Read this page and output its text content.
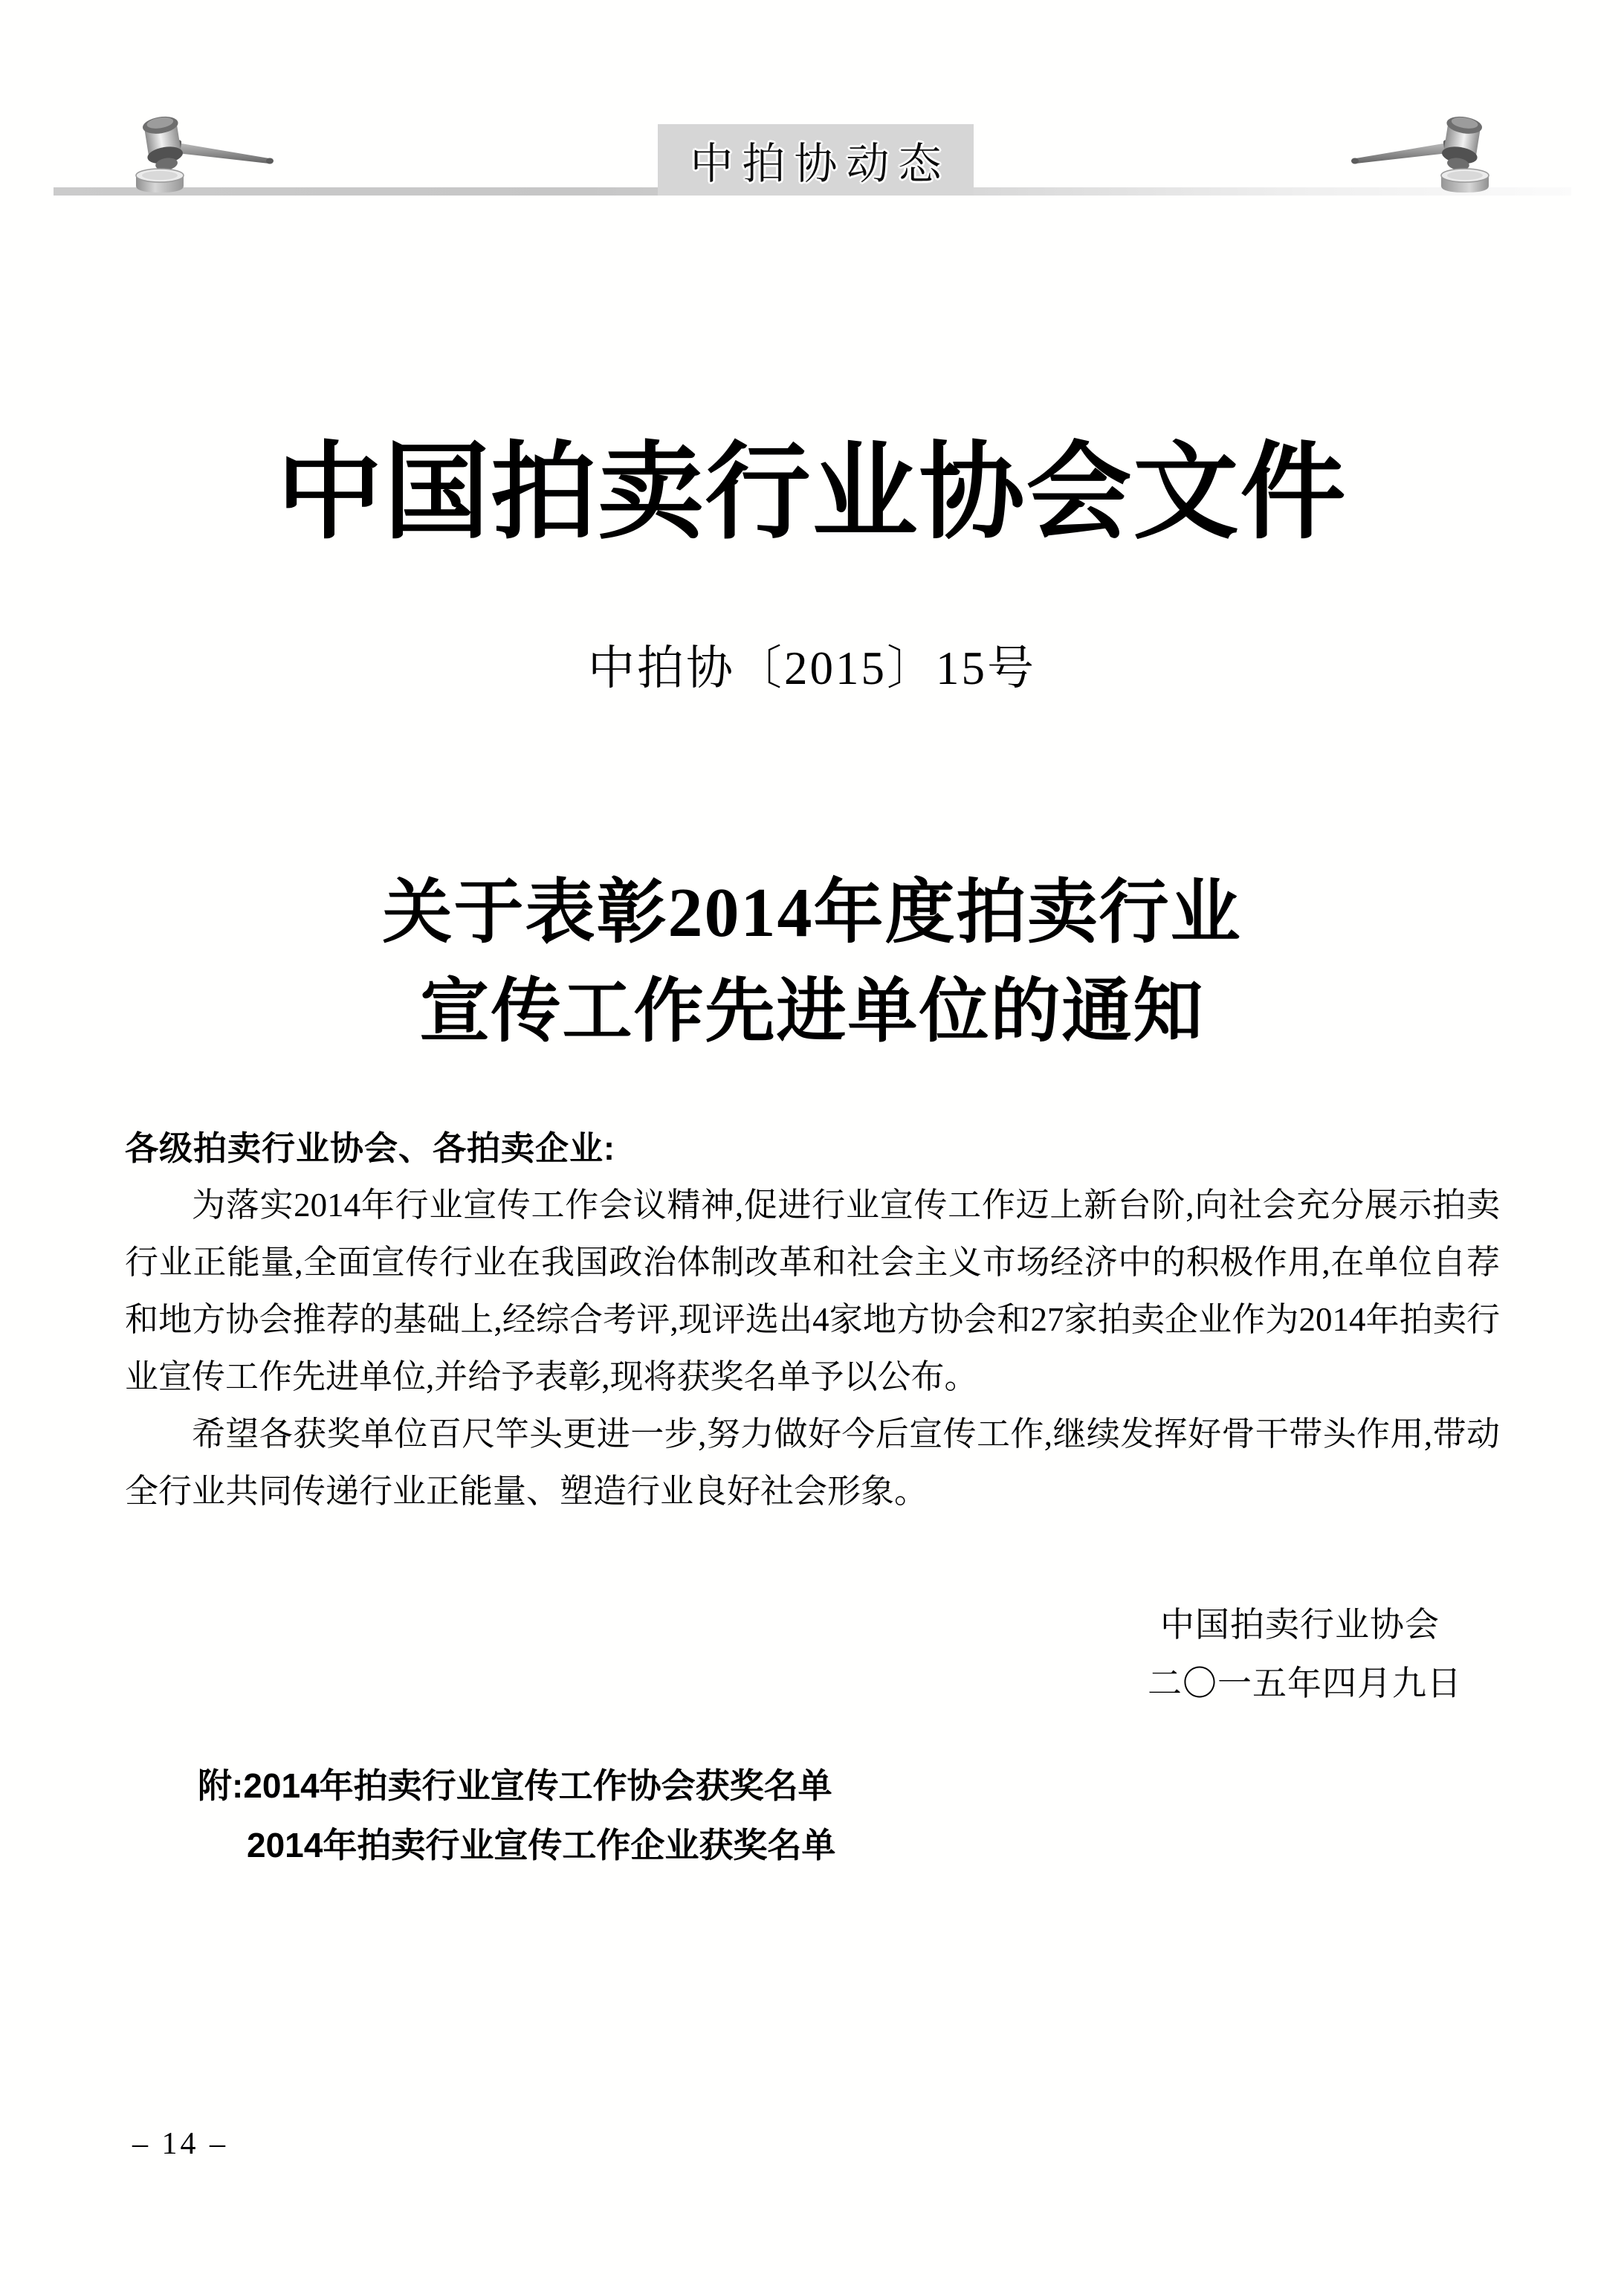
中拍协动态
中国拍卖行业协会文件
中拍协〔2015〕15号
关于表彰2014年度拍卖行业
宣传工作先进单位的通知
各级拍卖行业协会、各拍卖企业:

为落实2014年行业宣传工作会议精神,促进行业宣传工作迈上新台阶,向社会充分展示拍卖行业正能量,全面宣传行业在我国政治体制改革和社会主义市场经济中的积极作用,在单位自荐和地方协会推荐的基础上,经综合考评,现评选出4家地方协会和27家拍卖企业作为2014年拍卖行业宣传工作先进单位,并给予表彰,现将获奖名单予以公布。

希望各获奖单位百尺竿头更进一步,努力做好今后宣传工作,继续发挥好骨干带头作用,带动全行业共同传递行业正能量、塑造行业良好社会形象。

中国拍卖行业协会
二〇一五年四月九日
附:2014年拍卖行业宣传工作协会获奖名单
2014年拍卖行业宣传工作企业获奖名单
– 14 –
